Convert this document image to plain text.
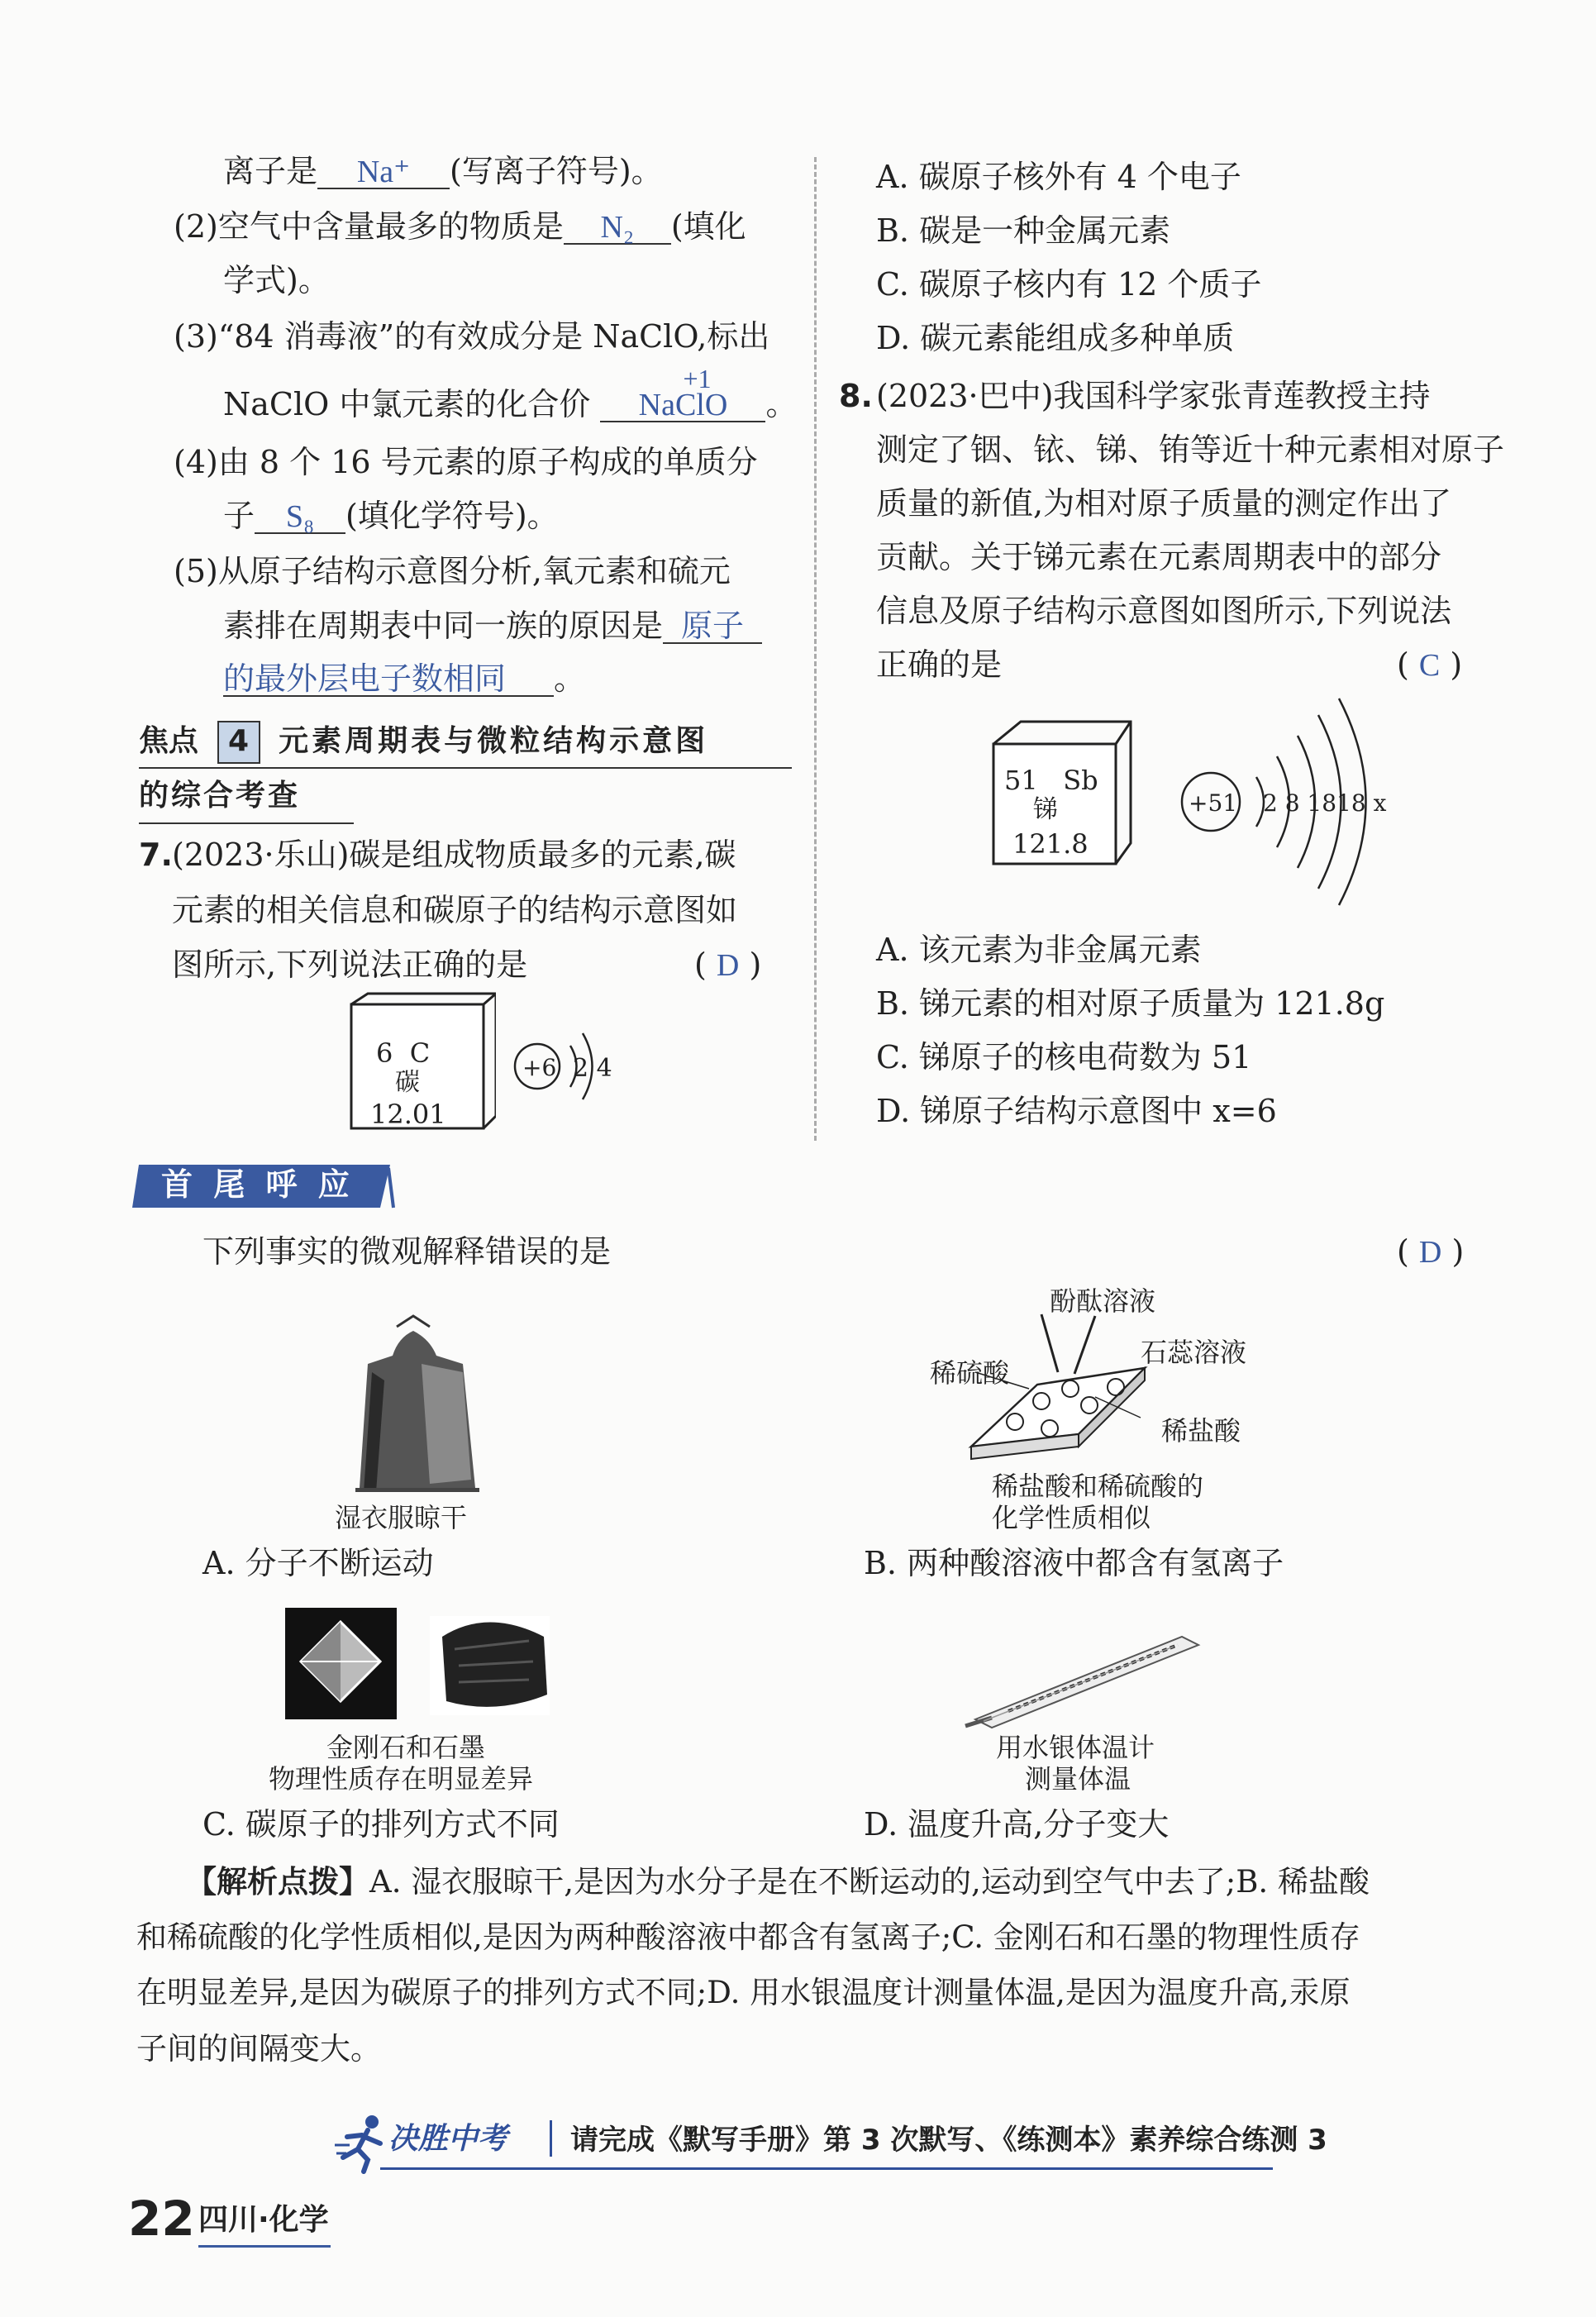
离子是 Na⁺ (写离子符号)。
(2)空气中含量最多的物质是 N₂ (填化
学式)。
(3)“84 消毒液”的有效成分是 NaClO,标出
NaClO 中氯元素的化合价
+1
NaClO 。
(4)由 8 个 16 号元素的原子构成的单质分
子 S₈ (填化学符号)。
(5)从原子结构示意图分析,氧元素和硫元
素排在周期表中同一族的原因是 原子
的最外层电子数相同 。
焦点 4 元素周期表与微粒结构示意图
的综合考查
7. (2023·乐山)碳是组成物质最多的元素,碳
元素的相关信息和碳原子的结构示意图如
图所示,下列说法正确的是	( D )
6 C
碳
12.01
+6 2 4
A. 碳原子核外有 4 个电子
B. 碳是一种金属元素
C. 碳原子核内有 12 个质子
D. 碳元素能组成多种单质
8. (2023·巴中)我国科学家张青莲教授主持
测定了铟、铱、锑、铕等近十种元素相对原子
质量的新值,为相对原子质量的测定作出了
贡献。关于锑元素在元素周期表中的部分
信息及原子结构示意图如图所示,下列说法
正确的是	( C )
51 Sb
锑
121.8
+51 2 8 1818 x
A. 该元素为非金属元素
B. 锑元素的相对原子质量为 121.8g
C. 锑原子的核电荷数为 51
D. 锑原子结构示意图中 x=6
首 尾 呼 应
下列事实的微观解释错误的是	( D )
湿衣服晾干
A. 分子不断运动
酚酞溶液
石蕊溶液
稀硫酸
稀盐酸
稀盐酸和稀硫酸的
化学性质相似
B. 两种酸溶液中都含有氢离子
金刚石和石墨
物理性质存在明显差异
C. 碳原子的排列方式不同
用水银体温计
测量体温
D. 温度升高,分子变大
【解析点拨】A. 湿衣服晾干,是因为水分子是在不断运动的,运动到空气中去了;B. 稀盐酸
和稀硫酸的化学性质相似,是因为两种酸溶液中都含有氢离子;C. 金刚石和石墨的物理性质存
在明显差异,是因为碳原子的排列方式不同;D. 用水银温度计测量体温,是因为温度升高,汞原
子间的间隔变大。
决胜中考 请完成《默写手册》第 3 次默写、《练测本》素养综合练测 3
22 四川·化学
